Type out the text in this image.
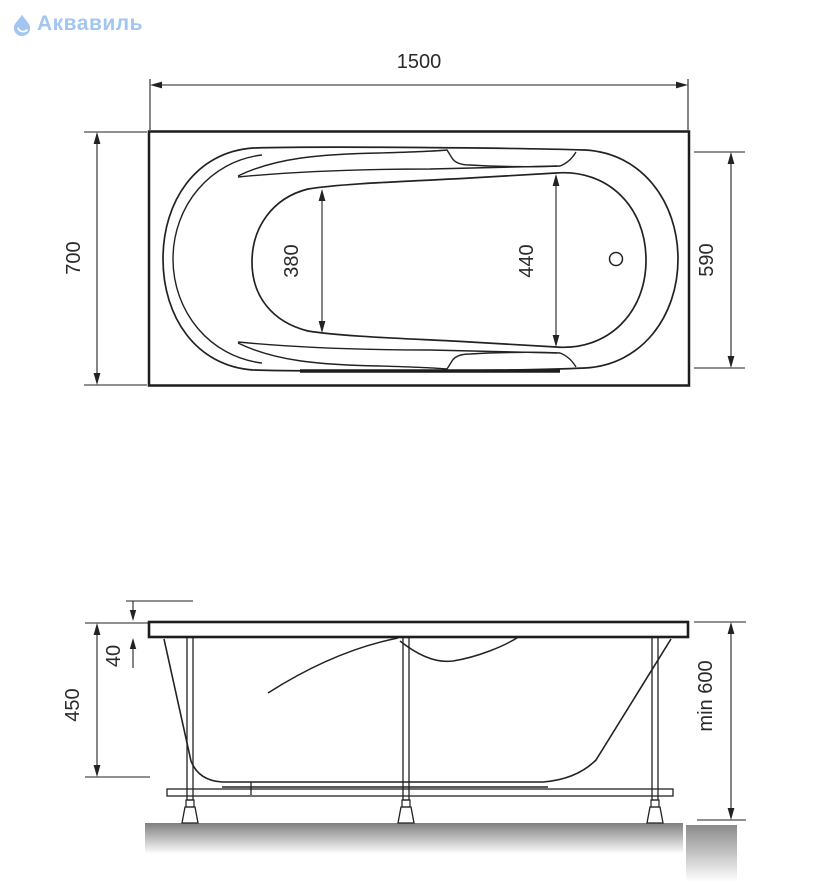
Аквавиль
1500
700	590
380	440
40
450	min 600
